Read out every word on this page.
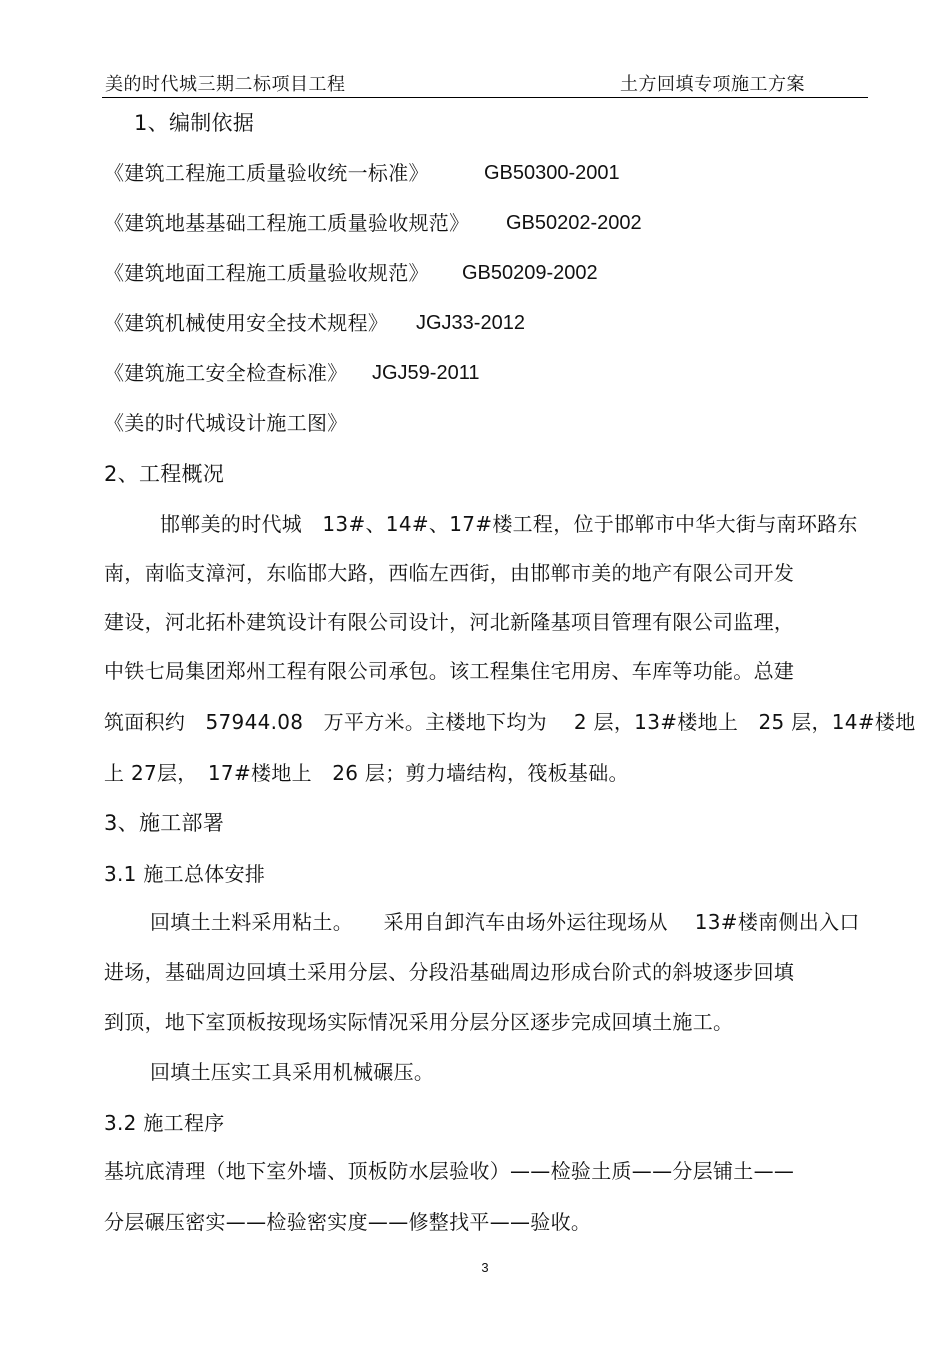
美的时代城三期二标项目工程	土方回填专项施工方案
1、编制依据
《建筑工程施工质量验收统一标准》	GB50300-2001
《建筑地基基础工程施工质量验收规范》 GB50202-2002
《建筑地面工程施工质量验收规范》 GB50209-2002
《建筑机械使用安全技术规程》 JGJ33-2012
《建筑施工安全检查标准》 JGJ59-2011
《美的时代城设计施工图》
2、工程概况
邯郸美的时代城　13#、14#、17#楼工程，位于邯郸市中华大街与南环路东
南，南临支漳河，东临邯大路，西临左西街，由邯郸市美的地产有限公司开发
建设，河北拓朴建筑设计有限公司设计，河北新隆基项目管理有限公司监理，
中铁七局集团郑州工程有限公司承包。该工程集住宅用房、车库等功能。总建
筑面积约　57944.08　万平方米。主楼地下均为　 2 层，13#楼地上　25 层，14#楼地
上 27层，　17#楼地上　26 层；剪力墙结构，筏板基础。
3、施工部署
3.1 施工总体安排
回填土土料采用粘土。　　采用自卸汽车由场外运往现场从　 13#楼南侧出入口
进场，基础周边回填土采用分层、分段沿基础周边形成台阶式的斜坡逐步回填
到顶，地下室顶板按现场实际情况采用分层分区逐步完成回填土施工。
回填土压实工具采用机械碾压。
3.2 施工程序
基坑底清理（地下室外墙、顶板防水层验收）——检验土质——分层铺土——
分层碾压密实——检验密实度——修整找平——验收。
3
